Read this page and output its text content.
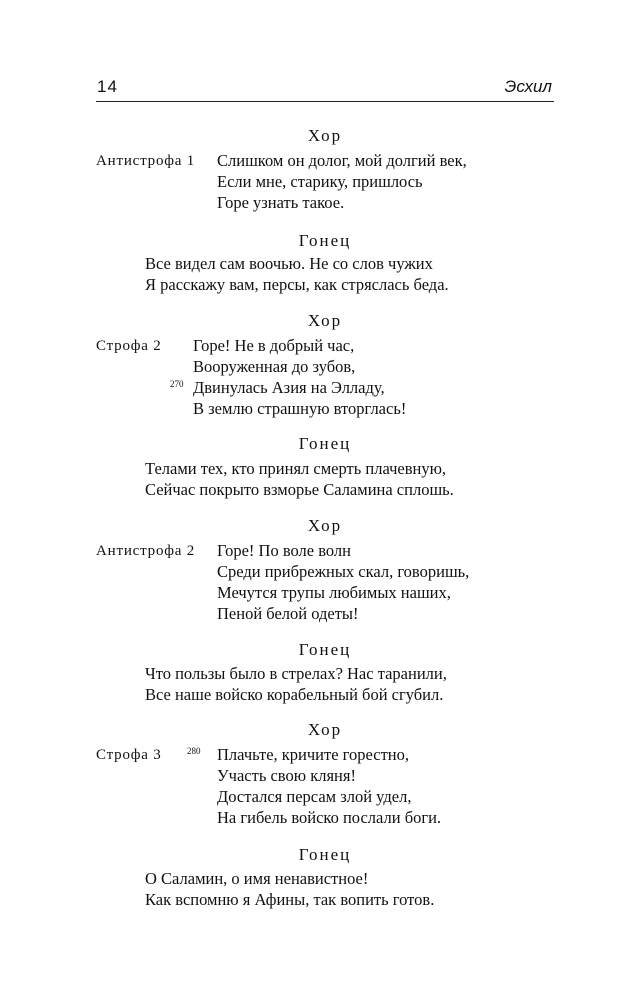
14	Эсхил
Хор
Антистрофа 1 Слишком он долог, мой долгий век,
Если мне, старику, пришлось
Горе узнать такое.
Гонец
Все видел сам воочью. Не со слов чужих
Я расскажу вам, персы, как стряслась беда.
Хор
Строфа 2 Горе! Не в добрый час,
Вооруженная до зубов,
270 Двинулась Азия на Элладу,
В землю страшную вторглась!
Гонец
Телами тех, кто принял смерть плачевную,
Сейчас покрыто взморье Саламина сплошь.
Хор
Антистрофа 2 Горе! По воле волн
Среди прибрежных скал, говоришь,
Мечутся трупы любимых наших,
Пеной белой одеты!
Гонец
Что пользы было в стрелах? Нас таранили,
Все наше войско корабельный бой сгубил.
Хор
Строфа 3	280 Плачьте, кричите горестно,
Участь свою кляня!
Достался персам злой удел,
На гибель войско послали боги.
Гонец
О Саламин, о имя ненавистное!
Как вспомню я Афины, так вопить готов.
